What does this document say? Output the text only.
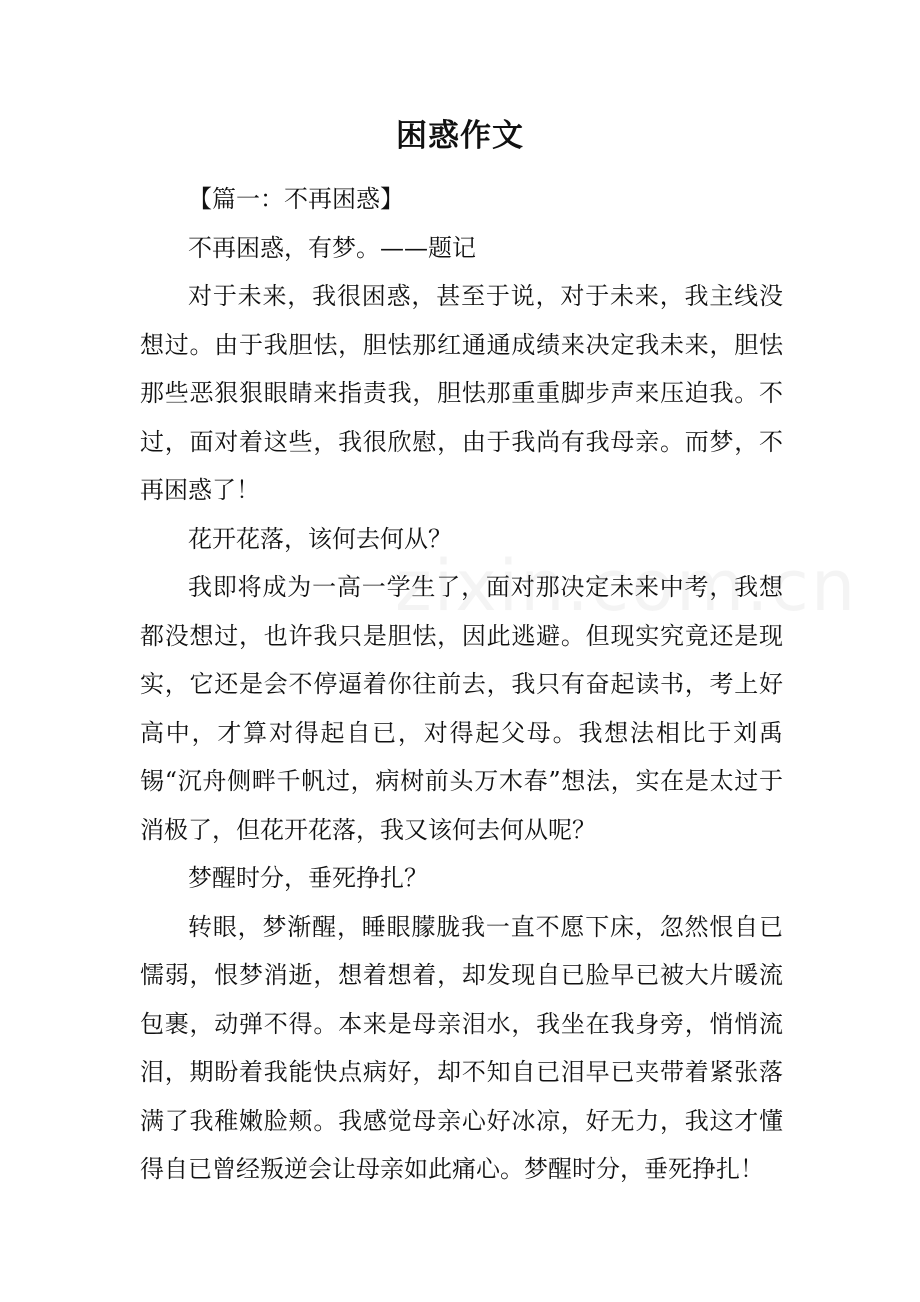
困惑作文

【篇一：不再困惑】

不再困惑，有梦。——题记

对于未来，我很困惑，甚至于说，对于未来，我主线没想过。由于我胆怯，胆怯那红通通成绩来决定我未来，胆怯那些恶狠狠眼睛来指责我，胆怯那重重脚步声来压迫我。不过，面对着这些，我很欣慰，由于我尚有我母亲。而梦，不再困惑了！

花开花落，该何去何从？

我即将成为一高一学生了，面对那决定未来中考，我想都没想过，也许我只是胆怯，因此逃避。但现实究竟还是现实，它还是会不停逼着你往前去，我只有奋起读书，考上好高中，才算对得起自已，对得起父母。我想法相比于刘禹锡“沉舟侧畔千帆过，病树前头万木春”想法，实在是太过于消极了，但花开花落，我又该何去何从呢？

梦醒时分，垂死挣扎？

转眼，梦渐醒，睡眼朦胧我一直不愿下床，忽然恨自已懦弱，恨梦消逝，想着想着，却发现自已脸早已被大片暖流包裹，动弹不得。本来是母亲泪水，我坐在我身旁，悄悄流泪，期盼着我能快点病好，却不知自已泪早已夹带着紧张落满了我稚嫩脸颊。我感觉母亲心好冰凉，好无力，我这才懂得自已曾经叛逆会让母亲如此痛心。梦醒时分，垂死挣扎！
